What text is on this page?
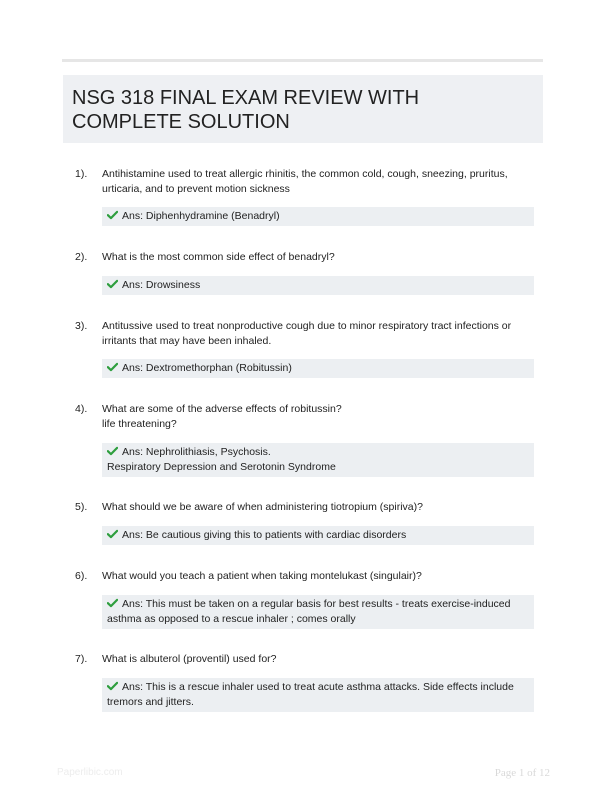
NSG 318 FINAL EXAM REVIEW WITH
COMPLETE SOLUTION
1). Antihistamine used to treat allergic rhinitis, the common cold, cough, sneezing, pruritus,
urticaria, and to prevent motion sickness
Ans: Diphenhydramine (Benadryl)
2). What is the most common side effect of benadryl?
Ans: Drowsiness
3). Antitussive used to treat nonproductive cough due to minor respiratory tract infections or
irritants that may have been inhaled.
Ans: Dextromethorphan (Robitussin)
4). What are some of the adverse effects of robitussin?
life threatening?
Ans: Nephrolithiasis, Psychosis.
Respiratory Depression and Serotonin Syndrome
5). What should we be aware of when administering tiotropium (spiriva)?
Ans: Be cautious giving this to patients with cardiac disorders
6). What would you teach a patient when taking montelukast (singulair)?
Ans: This must be taken on a regular basis for best results - treats exercise-induced
asthma as opposed to a rescue inhaler ; comes orally
7). What is albuterol (proventil) used for?
Ans: This is a rescue inhaler used to treat acute asthma attacks. Side effects include
tremors and jitters.
Paperlibic.com	Page 1 of 12
